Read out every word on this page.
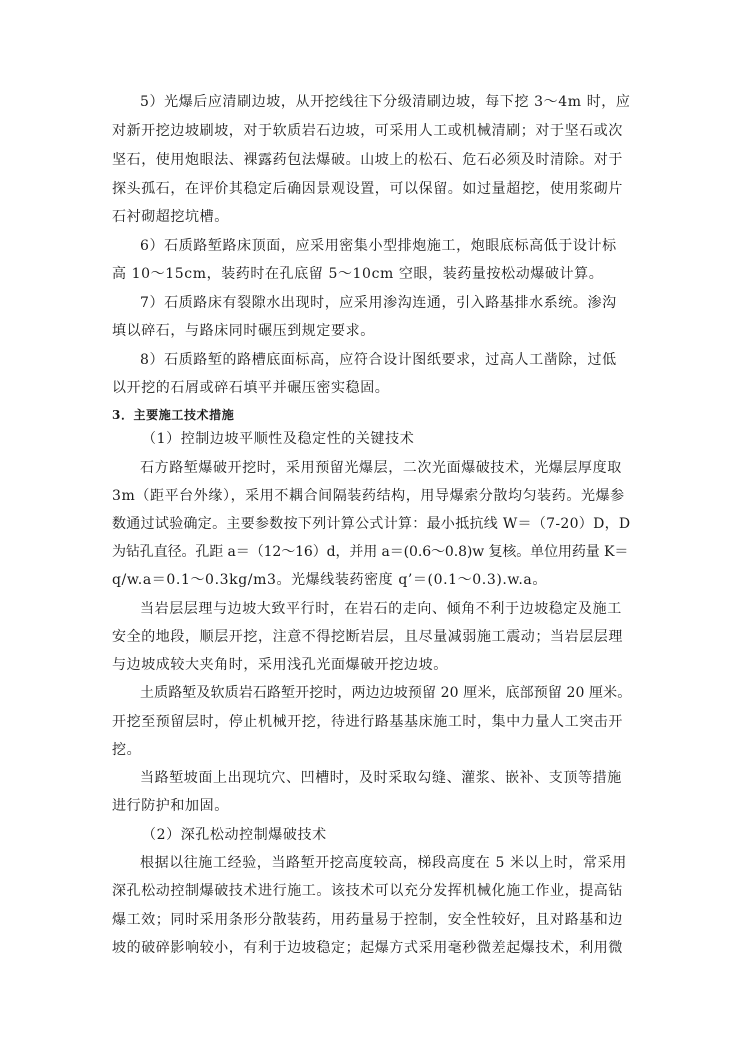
5）光爆后应清刷边坡，从开挖线往下分级清刷边坡，每下挖 3～4m 时，应
对新开挖边坡刷坡，对于软质岩石边坡，可采用人工或机械清刷；对于坚石或次
坚石，使用炮眼法、裸露药包法爆破。山坡上的松石、危石必须及时清除。对于
探头孤石，在评价其稳定后确因景观设置，可以保留。如过量超挖，使用浆砌片
石衬砌超挖坑槽。
6）石质路堑路床顶面，应采用密集小型排炮施工，炮眼底标高低于设计标
高 10～15cm，装药时在孔底留 5～10cm 空眼，装药量按松动爆破计算。
7）石质路床有裂隙水出现时，应采用渗沟连通，引入路基排水系统。渗沟
填以碎石，与路床同时碾压到规定要求。
8）石质路堑的路槽底面标高，应符合设计图纸要求，过高人工凿除，过低
以开挖的石屑或碎石填平并碾压密实稳固。
3．主要施工技术措施
（1）控制边坡平顺性及稳定性的关键技术
石方路堑爆破开挖时，采用预留光爆层，二次光面爆破技术，光爆层厚度取
3m（距平台外缘），采用不耦合间隔装药结构，用导爆索分散均匀装药。光爆参
数通过试验确定。主要参数按下列计算公式计算：最小抵抗线 W＝（7-20）D，D
为钻孔直径。孔距 a＝（12～16）d，并用 a＝(0.6～0.8)w 复核。单位用药量 K＝
q/w.a＝0.1～0.3kg/m3。光爆线装药密度 q’＝(0.1～0.3).w.a。
当岩层层理与边坡大致平行时，在岩石的走向、倾角不利于边坡稳定及施工
安全的地段，顺层开挖，注意不得挖断岩层，且尽量减弱施工震动；当岩层层理
与边坡成较大夹角时，采用浅孔光面爆破开挖边坡。
土质路堑及软质岩石路堑开挖时，两边边坡预留 20 厘米，底部预留 20 厘米。
开挖至预留层时，停止机械开挖，待进行路基基床施工时，集中力量人工突击开
挖。
当路堑坡面上出现坑穴、凹槽时，及时采取勾缝、灌浆、嵌补、支顶等措施
进行防护和加固。
（2）深孔松动控制爆破技术
根据以往施工经验，当路堑开挖高度较高，梯段高度在 5 米以上时，常采用
深孔松动控制爆破技术进行施工。该技术可以充分发挥机械化施工作业，提高钻
爆工效；同时采用条形分散装药，用药量易于控制，安全性较好，且对路基和边
坡的破碎影响较小，有利于边坡稳定；起爆方式采用毫秒微差起爆技术，利用微
